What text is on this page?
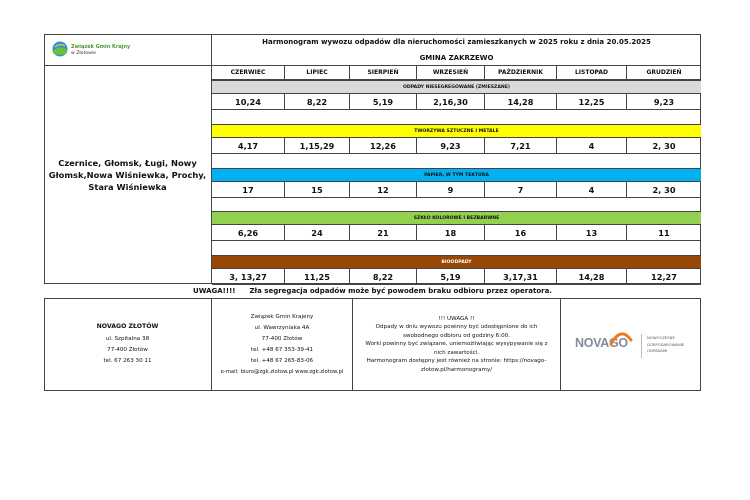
Związek Gmin Krajny
w Złotowie
Harmonogram wywozu odpadów dla nieruchomości zamieszkanych w 2025 roku z dnia 20.05.2025
GMINA ZAKRZEWO
Czernice, Głomsk, Ługi, Nowy Głomsk,Nowa Wiśniewka, Prochy, Stara Wiśniewka
CZERWIEC	LIPIEC	SIERPIEŃ	WRZESIEŃ	PAŹDZIERNIK	LISTOPAD	GRUDZIEŃ
ODPADY NIESEGREGOWANE (ZMIESZANE)
10,24	8,22	5,19	2,16,30	14,28	12,25	9,23
TWORZYWA SZTUCZNE I METALE
4,17	1,15,29	12,26	9,23	7,21	4	2, 30
PAPIER, W TYM TEKTURA
17	15	12	9	7	4	2, 30
SZKŁO KOLOROWE I BEZBARWNE
6,26	24	21	18	16	13	11
BIOODPADY
3, 13,27	11,25	8,22	5,19	3,17,31	14,28	12,27
UWAGA!!!! Zła segregacja odpadów może być powodem braku odbioru przez operatora.
NOVAGO ZŁOTÓW
ul. Szpitalna 38
77-400 Złotów
tel. 67 263 30 11
Związek Gmin Krajeny
ul. Wawrzyniaka 4A
77-400 Złotów
tel. +48 67 353-39-41
tel. +48 67 265-83-06
e-mail: biuro@zgk.zlotow.pl www.zgk.zlotow.pl
!!! UWAGA !!
Odpady w dniu wywozu powinny być udostępnione do ich swobodnego odbioru od godziny 6:00.
Worki powinny być związane, uniemożliwiając wysypywanie się z nich zawartości.
Harmonogram dostępny jest również na stronie: https://novago-zlotow.pl/harmonogramy/
NOVAGO	NOWOCZESNE
GOSPODAROWANIE
ODPADAMI
